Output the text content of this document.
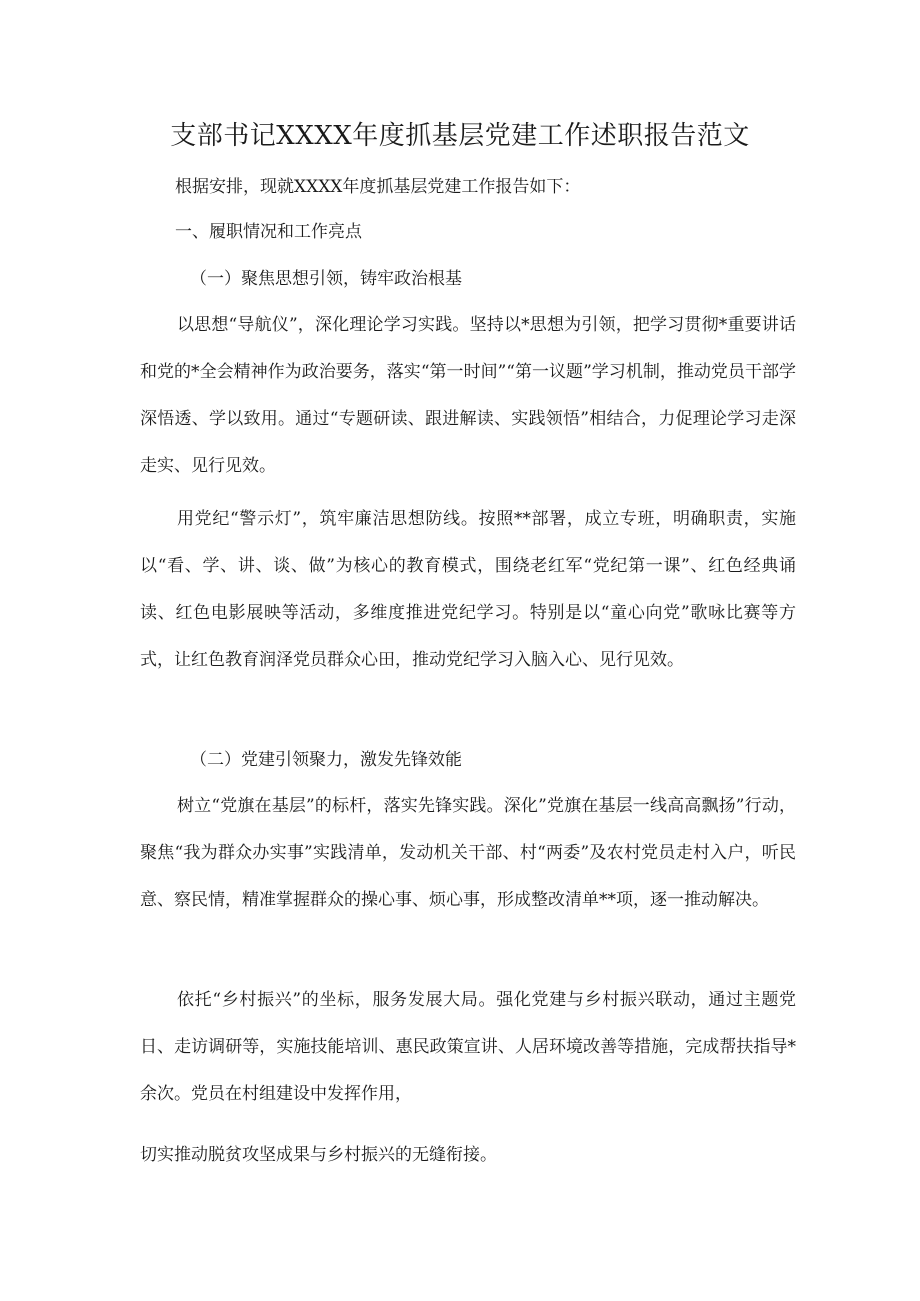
支部书记XXXX年度抓基层党建工作述职报告范文

根据安排，现就XXXX年度抓基层党建工作报告如下：

一、履职情况和工作亮点

（一）聚焦思想引领，铸牢政治根基

以思想“导航仪”，深化理论学习实践。坚持以*思想为引领，把学习贯彻*重要讲话和党的*全会精神作为政治要务，落实“第一时间”“第一议题”学习机制，推动党员干部学深悟透、学以致用。通过“专题研读、跟进解读、实践领悟”相结合，力促理论学习走深走实、见行见效。

用党纪“警示灯”，筑牢廉洁思想防线。按照**部署，成立专班，明确职责，实施以“看、学、讲、谈、做”为核心的教育模式，围绕老红军“党纪第一课”、红色经典诵读、红色电影展映等活动，多维度推进党纪学习。特别是以“童心向党”歌咏比赛等方式，让红色教育润泽党员群众心田，推动党纪学习入脑入心、见行见效。

（二）党建引领聚力，激发先锋效能

树立“党旗在基层”的标杆，落实先锋实践。深化”党旗在基层一线高高飘扬”行动，聚焦“我为群众办实事”实践清单，发动机关干部、村“两委”及农村党员走村入户，听民意、察民情，精准掌握群众的操心事、烦心事，形成整改清单**项，逐一推动解决。

依托“乡村振兴”的坐标，服务发展大局。强化党建与乡村振兴联动，通过主题党日、走访调研等，实施技能培训、惠民政策宣讲、人居环境改善等措施，完成帮扶指导*余次。党员在村组建设中发挥作用，

切实推动脱贫攻坚成果与乡村振兴的无缝衔接。
